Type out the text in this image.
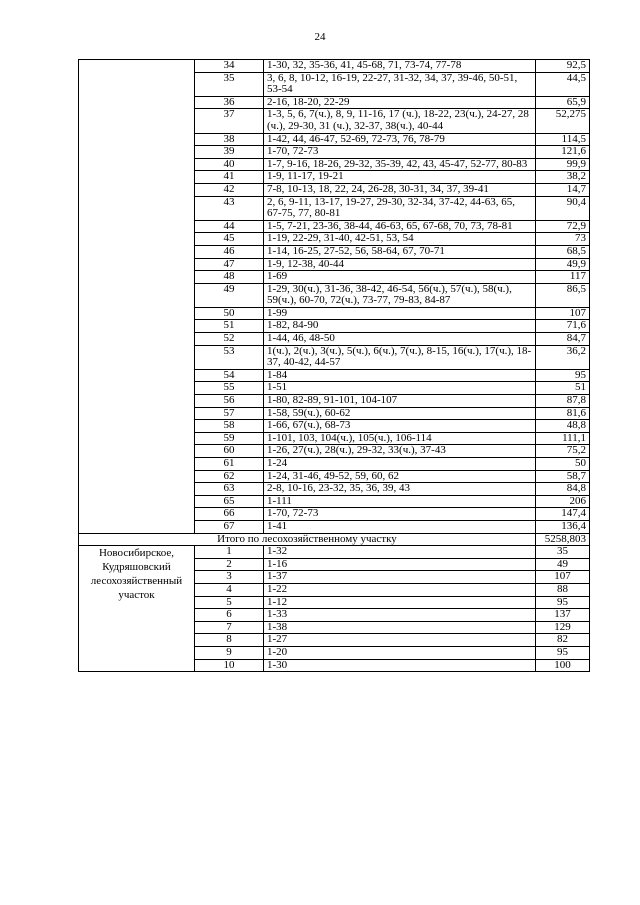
24
	34	1-30, 32, 35-36, 41, 45-68, 71, 73-74, 77-78	92,5
	35	3, 6, 8, 10-12, 16-19, 22-27, 31-32, 34, 37, 39-46, 50-51, 53-54	44,5
	36	2-16, 18-20, 22-29	65,9
	37	1-3, 5, 6, 7(ч.), 8, 9, 11-16, 17 (ч.), 18-22, 23(ч.), 24-27, 28 (ч.), 29-30, 31 (ч.), 32-37, 38(ч.), 40-44	52,275
	38	1-42, 44, 46-47, 52-69, 72-73, 76, 78-79	114,5
	39	1-70, 72-73	121,6
	40	1-7, 9-16, 18-26, 29-32, 35-39, 42, 43, 45-47, 52-77, 80-83	99,9
	41	1-9, 11-17, 19-21	38,2
	42	7-8, 10-13, 18, 22, 24, 26-28, 30-31, 34, 37, 39-41	14,7
	43	2, 6, 9-11, 13-17, 19-27, 29-30, 32-34, 37-42, 44-63, 65, 67-75, 77, 80-81	90,4
	44	1-5, 7-21, 23-36, 38-44, 46-63, 65, 67-68, 70, 73, 78-81	72,9
	45	1-19, 22-29, 31-40, 42-51, 53, 54	73
	46	1-14, 16-25, 27-52, 56, 58-64, 67, 70-71	68,5
	47	1-9, 12-38, 40-44	49,9
	48	1-69	117
	49	1-29, 30(ч.), 31-36, 38-42, 46-54, 56(ч.), 57(ч.), 58(ч.), 59(ч.), 60-70, 72(ч.), 73-77, 79-83, 84-87	86,5
	50	1-99	107
	51	1-82, 84-90	71,6
	52	1-44, 46, 48-50	84,7
	53	1(ч.), 2(ч.), 3(ч.), 5(ч.), 6(ч.), 7(ч.), 8-15, 16(ч.), 17(ч.), 18-37, 40-42, 44-57	36,2
	54	1-84	95
	55	1-51	51
	56	1-80, 82-89, 91-101, 104-107	87,8
	57	1-58, 59(ч.), 60-62	81,6
	58	1-66, 67(ч.), 68-73	48,8
	59	1-101, 103, 104(ч.), 105(ч.), 106-114	111,1
	60	1-26, 27(ч.), 28(ч.), 29-32, 33(ч.), 37-43	75,2
	61	1-24	50
	62	1-24, 31-46, 49-52, 59, 60, 62	58,7
	63	2-8, 10-16, 23-32, 35, 36, 39, 43	84,8
	65	1-111	206
	66	1-70, 72-73	147,4
	67	1-41	136,4
Итого по лесохозяйственному участку			5258,803
Новосибирское, Кудряшовский лесохозяйственный участок	1	1-32	35
	2	1-16	49
	3	1-37	107
	4	1-22	88
	5	1-12	95
	6	1-33	137
	7	1-38	129
	8	1-27	82
	9	1-20	95
	10	1-30	100
